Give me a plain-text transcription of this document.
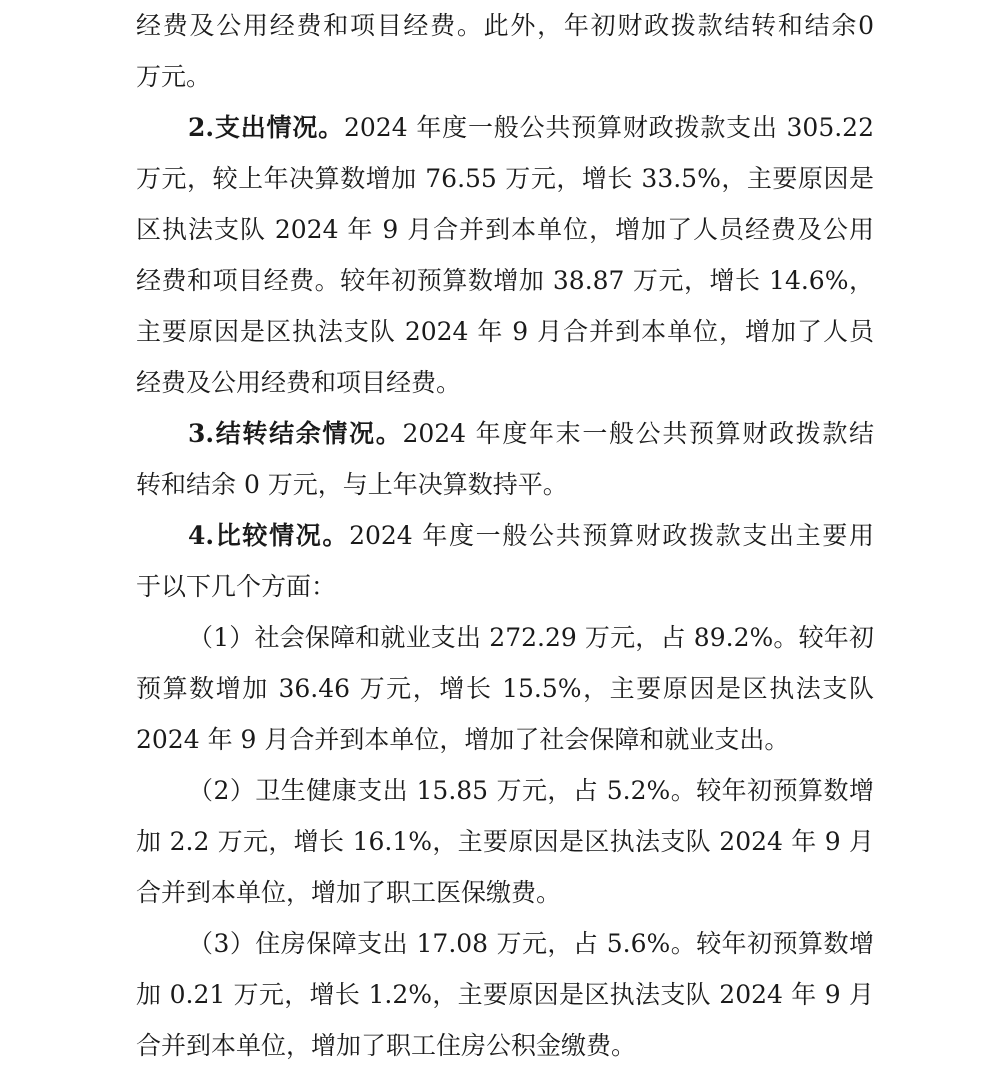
经费及公用经费和项目经费。此外，年初财政拨款结转和结余0
万元。
2.支出情况。2024 年度一般公共预算财政拨款支出 305.22
万元，较上年决算数增加 76.55 万元，增长 33.5%，主要原因是
区执法支队 2024 年 9 月合并到本单位，增加了人员经费及公用
经费和项目经费。较年初预算数增加 38.87 万元，增长 14.6%，
主要原因是区执法支队 2024 年 9 月合并到本单位，增加了人员
经费及公用经费和项目经费。
3.结转结余情况。2024 年度年末一般公共预算财政拨款结
转和结余 0 万元，与上年决算数持平。
4.比较情况。2024 年度一般公共预算财政拨款支出主要用
于以下几个方面：
（1）社会保障和就业支出 272.29 万元，占 89.2%。较年初
预算数增加 36.46 万元，增长 15.5%，主要原因是区执法支队
2024 年 9 月合并到本单位，增加了社会保障和就业支出。
（2）卫生健康支出 15.85 万元，占 5.2%。较年初预算数增
加 2.2 万元，增长 16.1%，主要原因是区执法支队 2024 年 9 月
合并到本单位，增加了职工医保缴费。
（3）住房保障支出 17.08 万元，占 5.6%。较年初预算数增
加 0.21 万元，增长 1.2%，主要原因是区执法支队 2024 年 9 月
合并到本单位，增加了职工住房公积金缴费。
